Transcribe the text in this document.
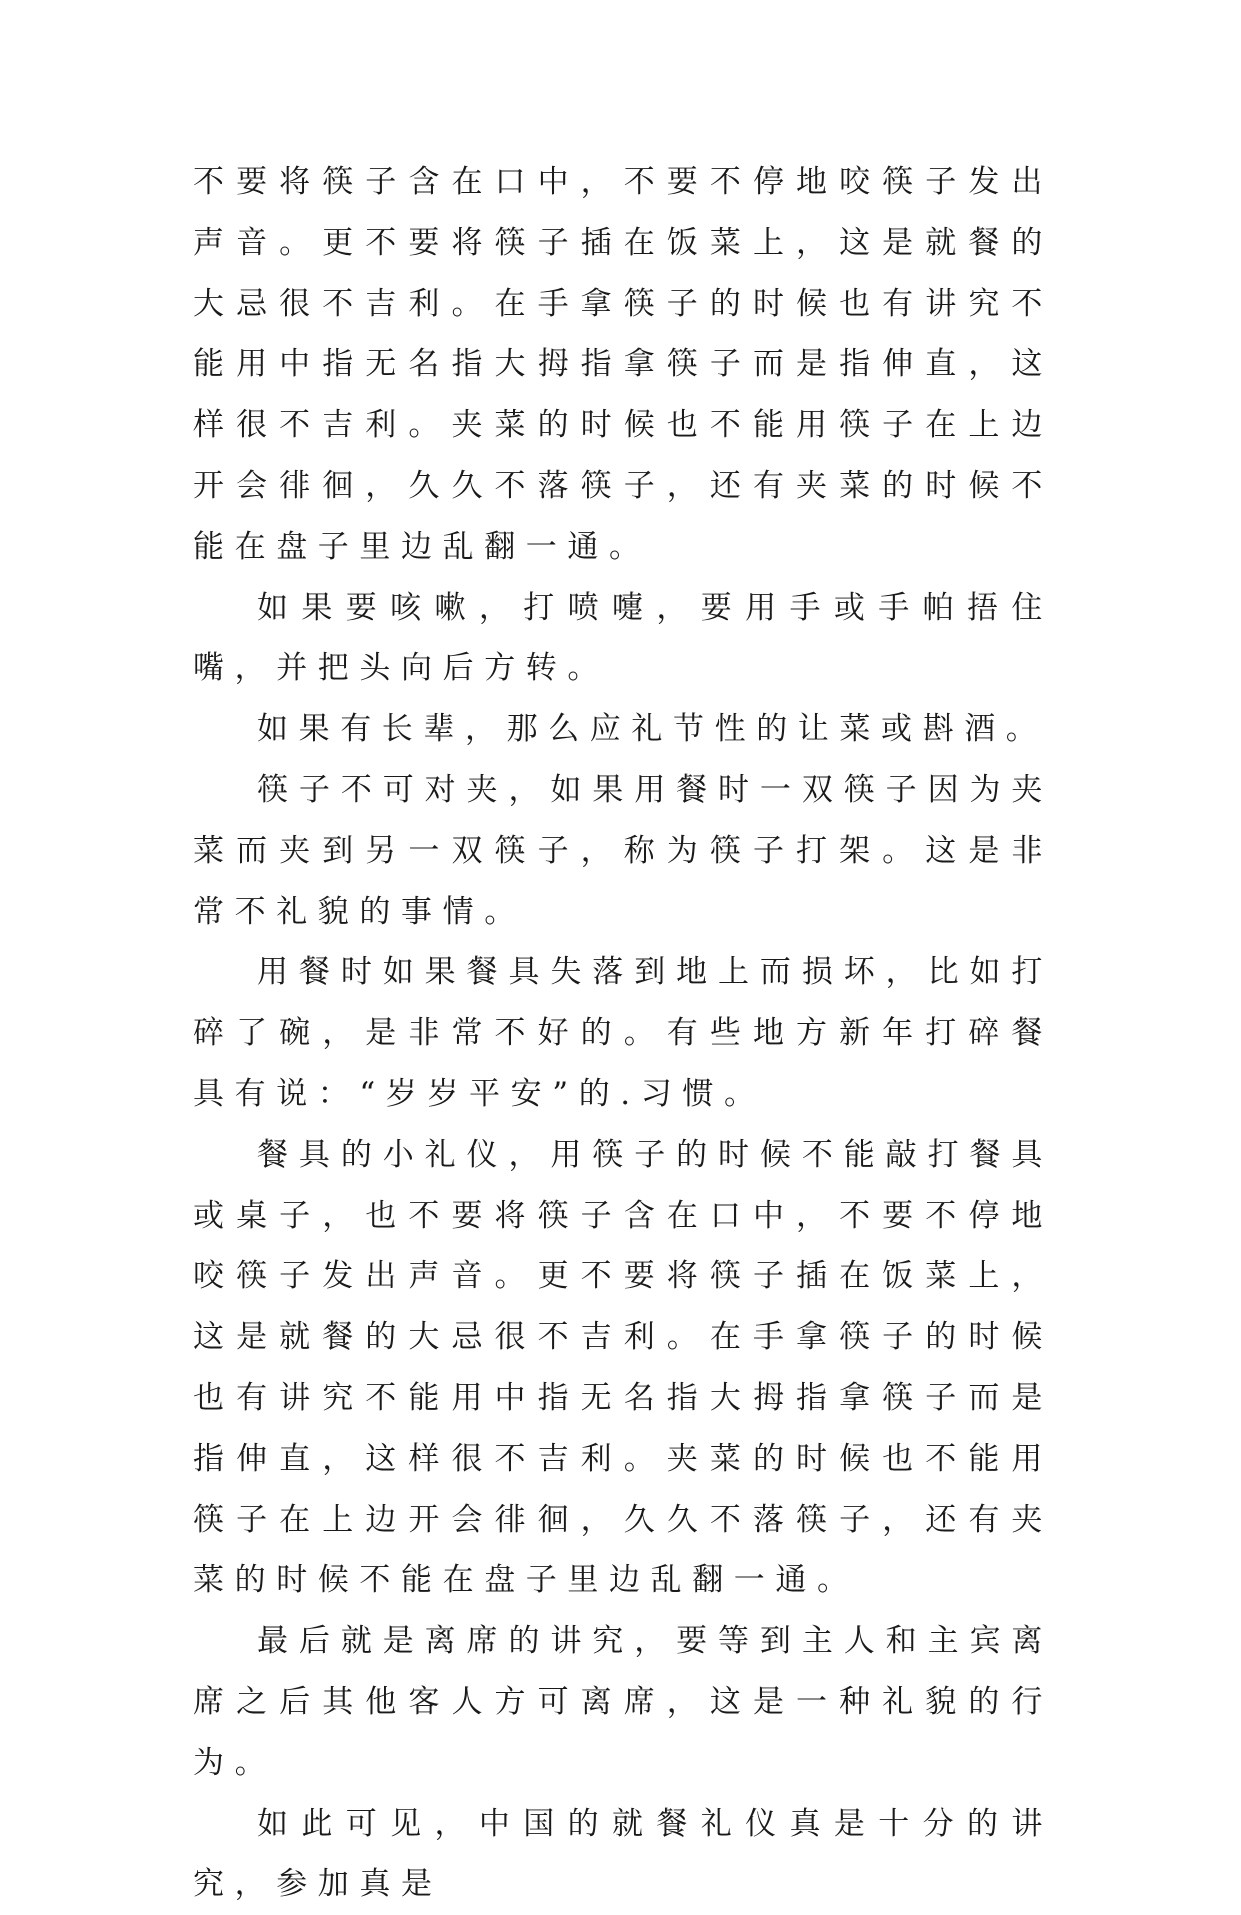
不要将筷子含在口中，不要不停地咬筷子发出声音。更不要将筷子插在饭菜上，这是就餐的大忌很不吉利。在手拿筷子的时候也有讲究不能用中指无名指大拇指拿筷子而是指伸直，这样很不吉利。夹菜的时候也不能用筷子在上边开会徘徊，久久不落筷子，还有夹菜的时候不能在盘子里边乱翻一通。

如果要咳嗽，打喷嚏，要用手或手帕捂住嘴，并把头向后方转。

如果有长辈，那么应礼节性的让菜或斟酒。

筷子不可对夹，如果用餐时一双筷子因为夹菜而夹到另一双筷子，称为筷子打架。这是非常不礼貌的事情。

用餐时如果餐具失落到地上而损坏，比如打碎了碗，是非常不好的。有些地方新年打碎餐具有说：“岁岁平安”的.习惯。

餐具的小礼仪，用筷子的时候不能敲打餐具或桌子，也不要将筷子含在口中，不要不停地咬筷子发出声音。更不要将筷子插在饭菜上，这是就餐的大忌很不吉利。在手拿筷子的时候也有讲究不能用中指无名指大拇指拿筷子而是指伸直，这样很不吉利。夹菜的时候也不能用筷子在上边开会徘徊，久久不落筷子，还有夹菜的时候不能在盘子里边乱翻一通。

最后就是离席的讲究，要等到主人和主宾离席之后其他客人方可离席，这是一种礼貌的行为。

如此可见，中国的就餐礼仪真是十分的讲究，参加真是
